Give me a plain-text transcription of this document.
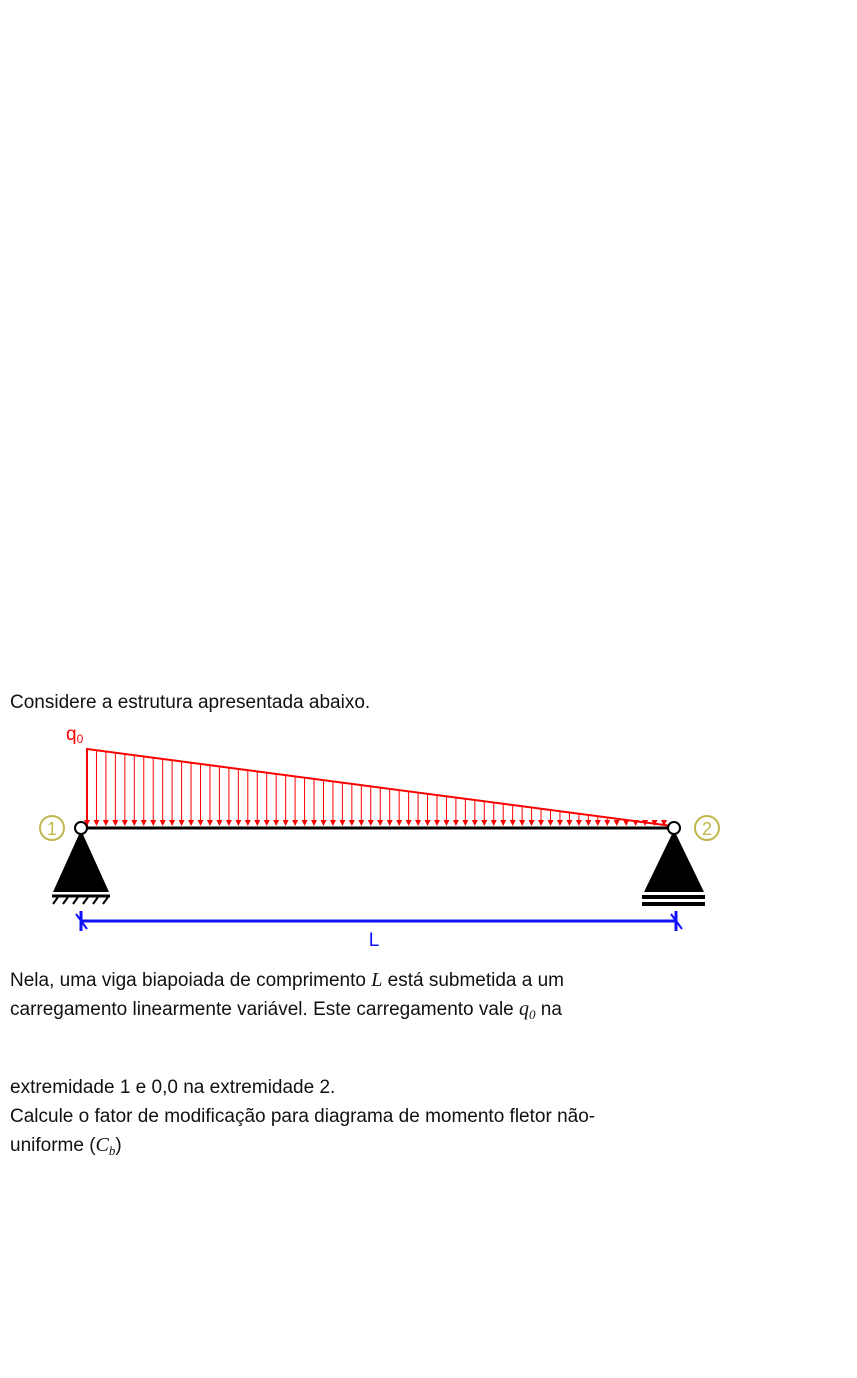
Considere a estrutura apresentada abaixo.

q0
1	2
L
Nela, uma viga biapoiada de comprimento L está submetida a um
carregamento linearmente variável. Este carregamento vale $q_0$ na
extremidade 1 e 0,0 na extremidade 2.
Calcule o fator de modificação para diagrama de momento fletor não-
uniforme $(C_b)$
